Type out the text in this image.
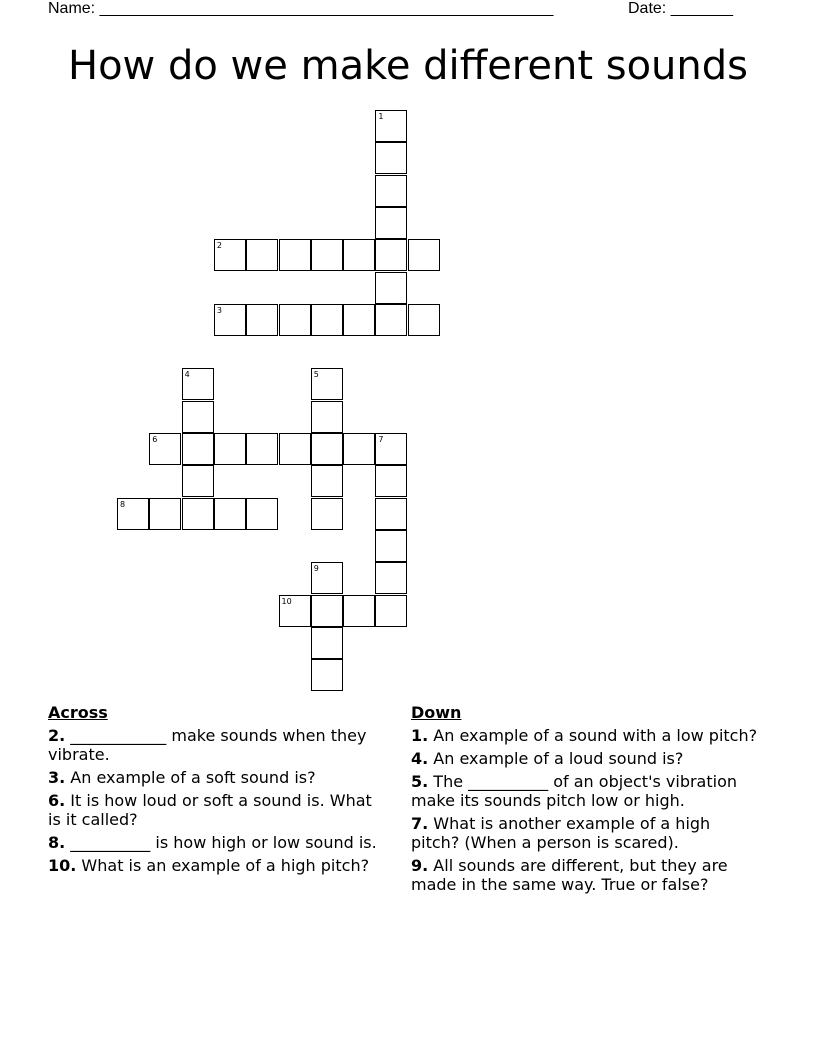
Name: ___________________________________________________	Date: _______
How do we make different sounds
1
2
3
4	5
6	7
8
9
10
Across
2. ____________ make sounds when they vibrate.
3. An example of a soft sound is?
6. It is how loud or soft a sound is. What is it called?
8. __________ is how high or low sound is.
10. What is an example of a high pitch?
Down
1. An example of a sound with a low pitch?
4. An example of a loud sound is?
5. The __________ of an object's vibration make its sounds pitch low or high.
7. What is another example of a high pitch? (When a person is scared).
9. All sounds are different, but they are made in the same way. True or false?
